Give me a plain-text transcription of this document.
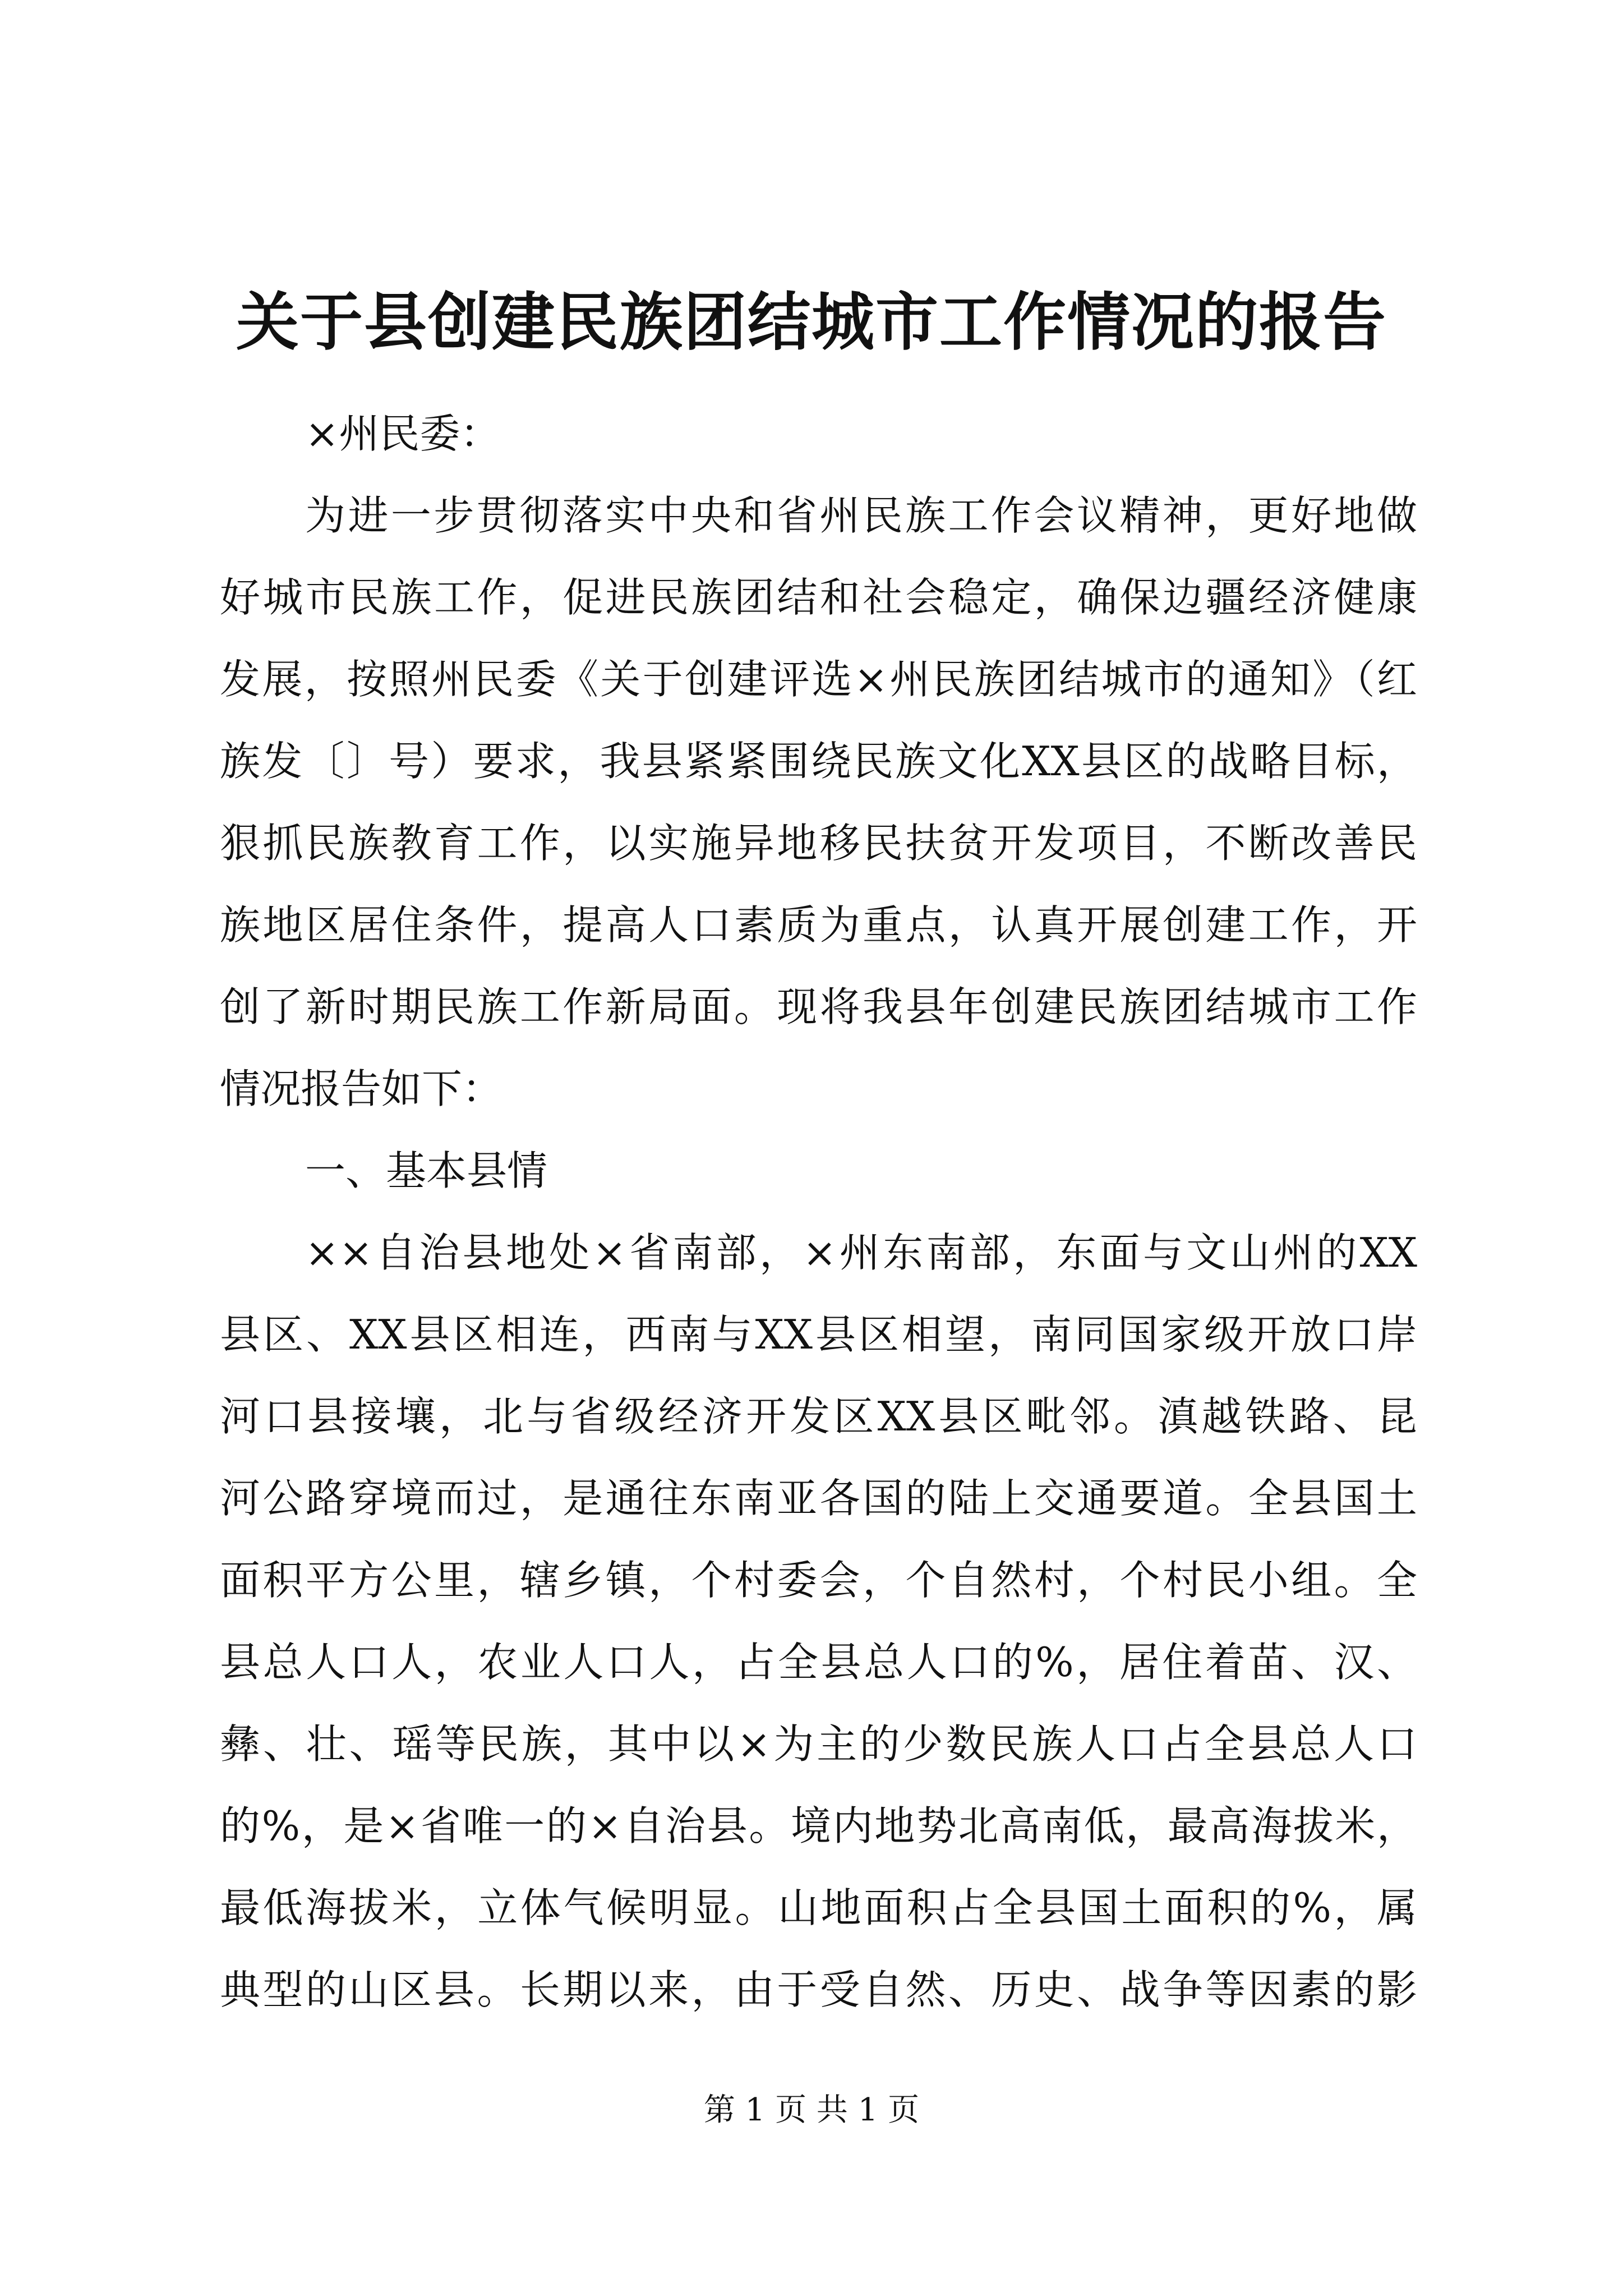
关于县创建民族团结城市工作情况的报告
×州民委：
为进一步贯彻落实中央和省州民族工作会议精神，更好地做
好城市民族工作，促进民族团结和社会稳定，确保边疆经济健康
发展，按照州民委《关于创建评选×州民族团结城市的通知》（红
族发〔〕号）要求，我县紧紧围绕民族文化XX县区的战略目标，
狠抓民族教育工作，以实施异地移民扶贫开发项目，不断改善民
族地区居住条件，提高人口素质为重点，认真开展创建工作，开
创了新时期民族工作新局面。现将我县年创建民族团结城市工作
情况报告如下：
一、基本县情
××自治县地处×省南部，×州东南部，东面与文山州的XX
县区、XX县区相连，西南与XX县区相望，南同国家级开放口岸
河口县接壤，北与省级经济开发区XX县区毗邻。滇越铁路、昆
河公路穿境而过，是通往东南亚各国的陆上交通要道。全县国土
面积平方公里，辖乡镇，个村委会，个自然村，个村民小组。全
县总人口人，农业人口人，占全县总人口的%，居住着苗、汉、
彝、壮、瑶等民族，其中以×为主的少数民族人口占全县总人口
的%，是×省唯一的×自治县。境内地势北高南低，最高海拔米，
最低海拔米，立体气候明显。山地面积占全县国土面积的%，属
典型的山区县。长期以来，由于受自然、历史、战争等因素的影
第 1 页 共 1 页
